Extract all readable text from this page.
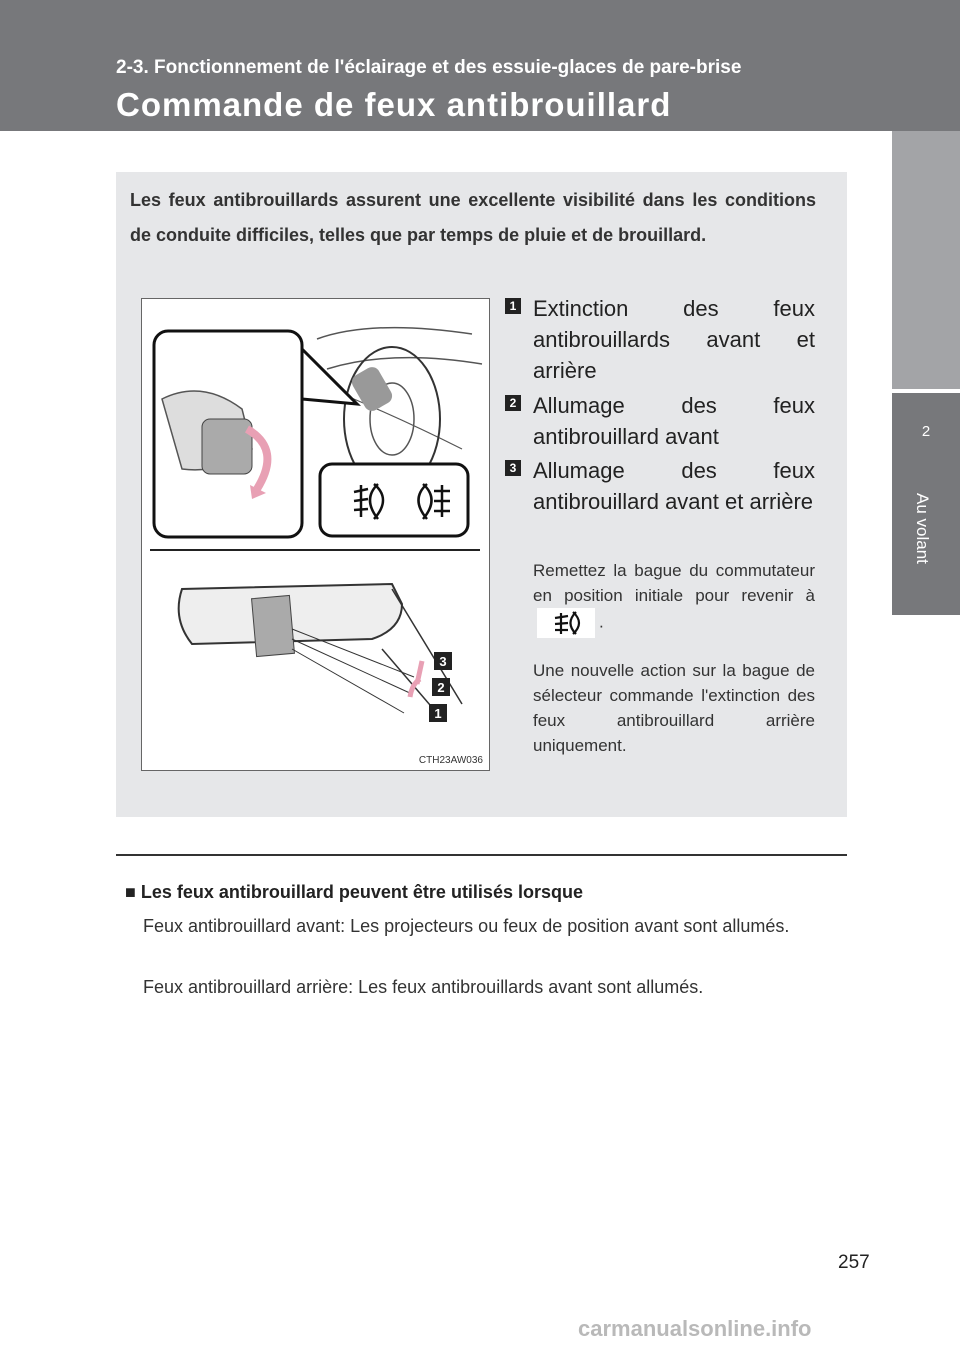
2-3. Fonctionnement de l'éclairage et des essuie-glaces de pare-brise
Commande de feux antibrouillard
2
Au volant
Les feux antibrouillards assurent une excellente visibilité dans les conditions de conduite difficiles, telles que par temps de pluie et de brouillard.
3
2
1
CTH23AW036
1 Extinction des feux antibrouillards avant et arrière
2 Allumage des feux antibrouillard avant
3 Allumage des feux antibrouillard avant et arrière
Remettez la bague du commutateur en position initiale pour revenir à.
Une nouvelle action sur la bague de sélecteur commande l'extinction des feux antibrouillard arrière uniquement.
■ Les feux antibrouillard peuvent être utilisés lorsque
Feux antibrouillard avant: Les projecteurs ou feux de position avant sont allumés.
Feux antibrouillard arrière: Les feux antibrouillards avant sont allumés.
257
carmanualsonline.info
